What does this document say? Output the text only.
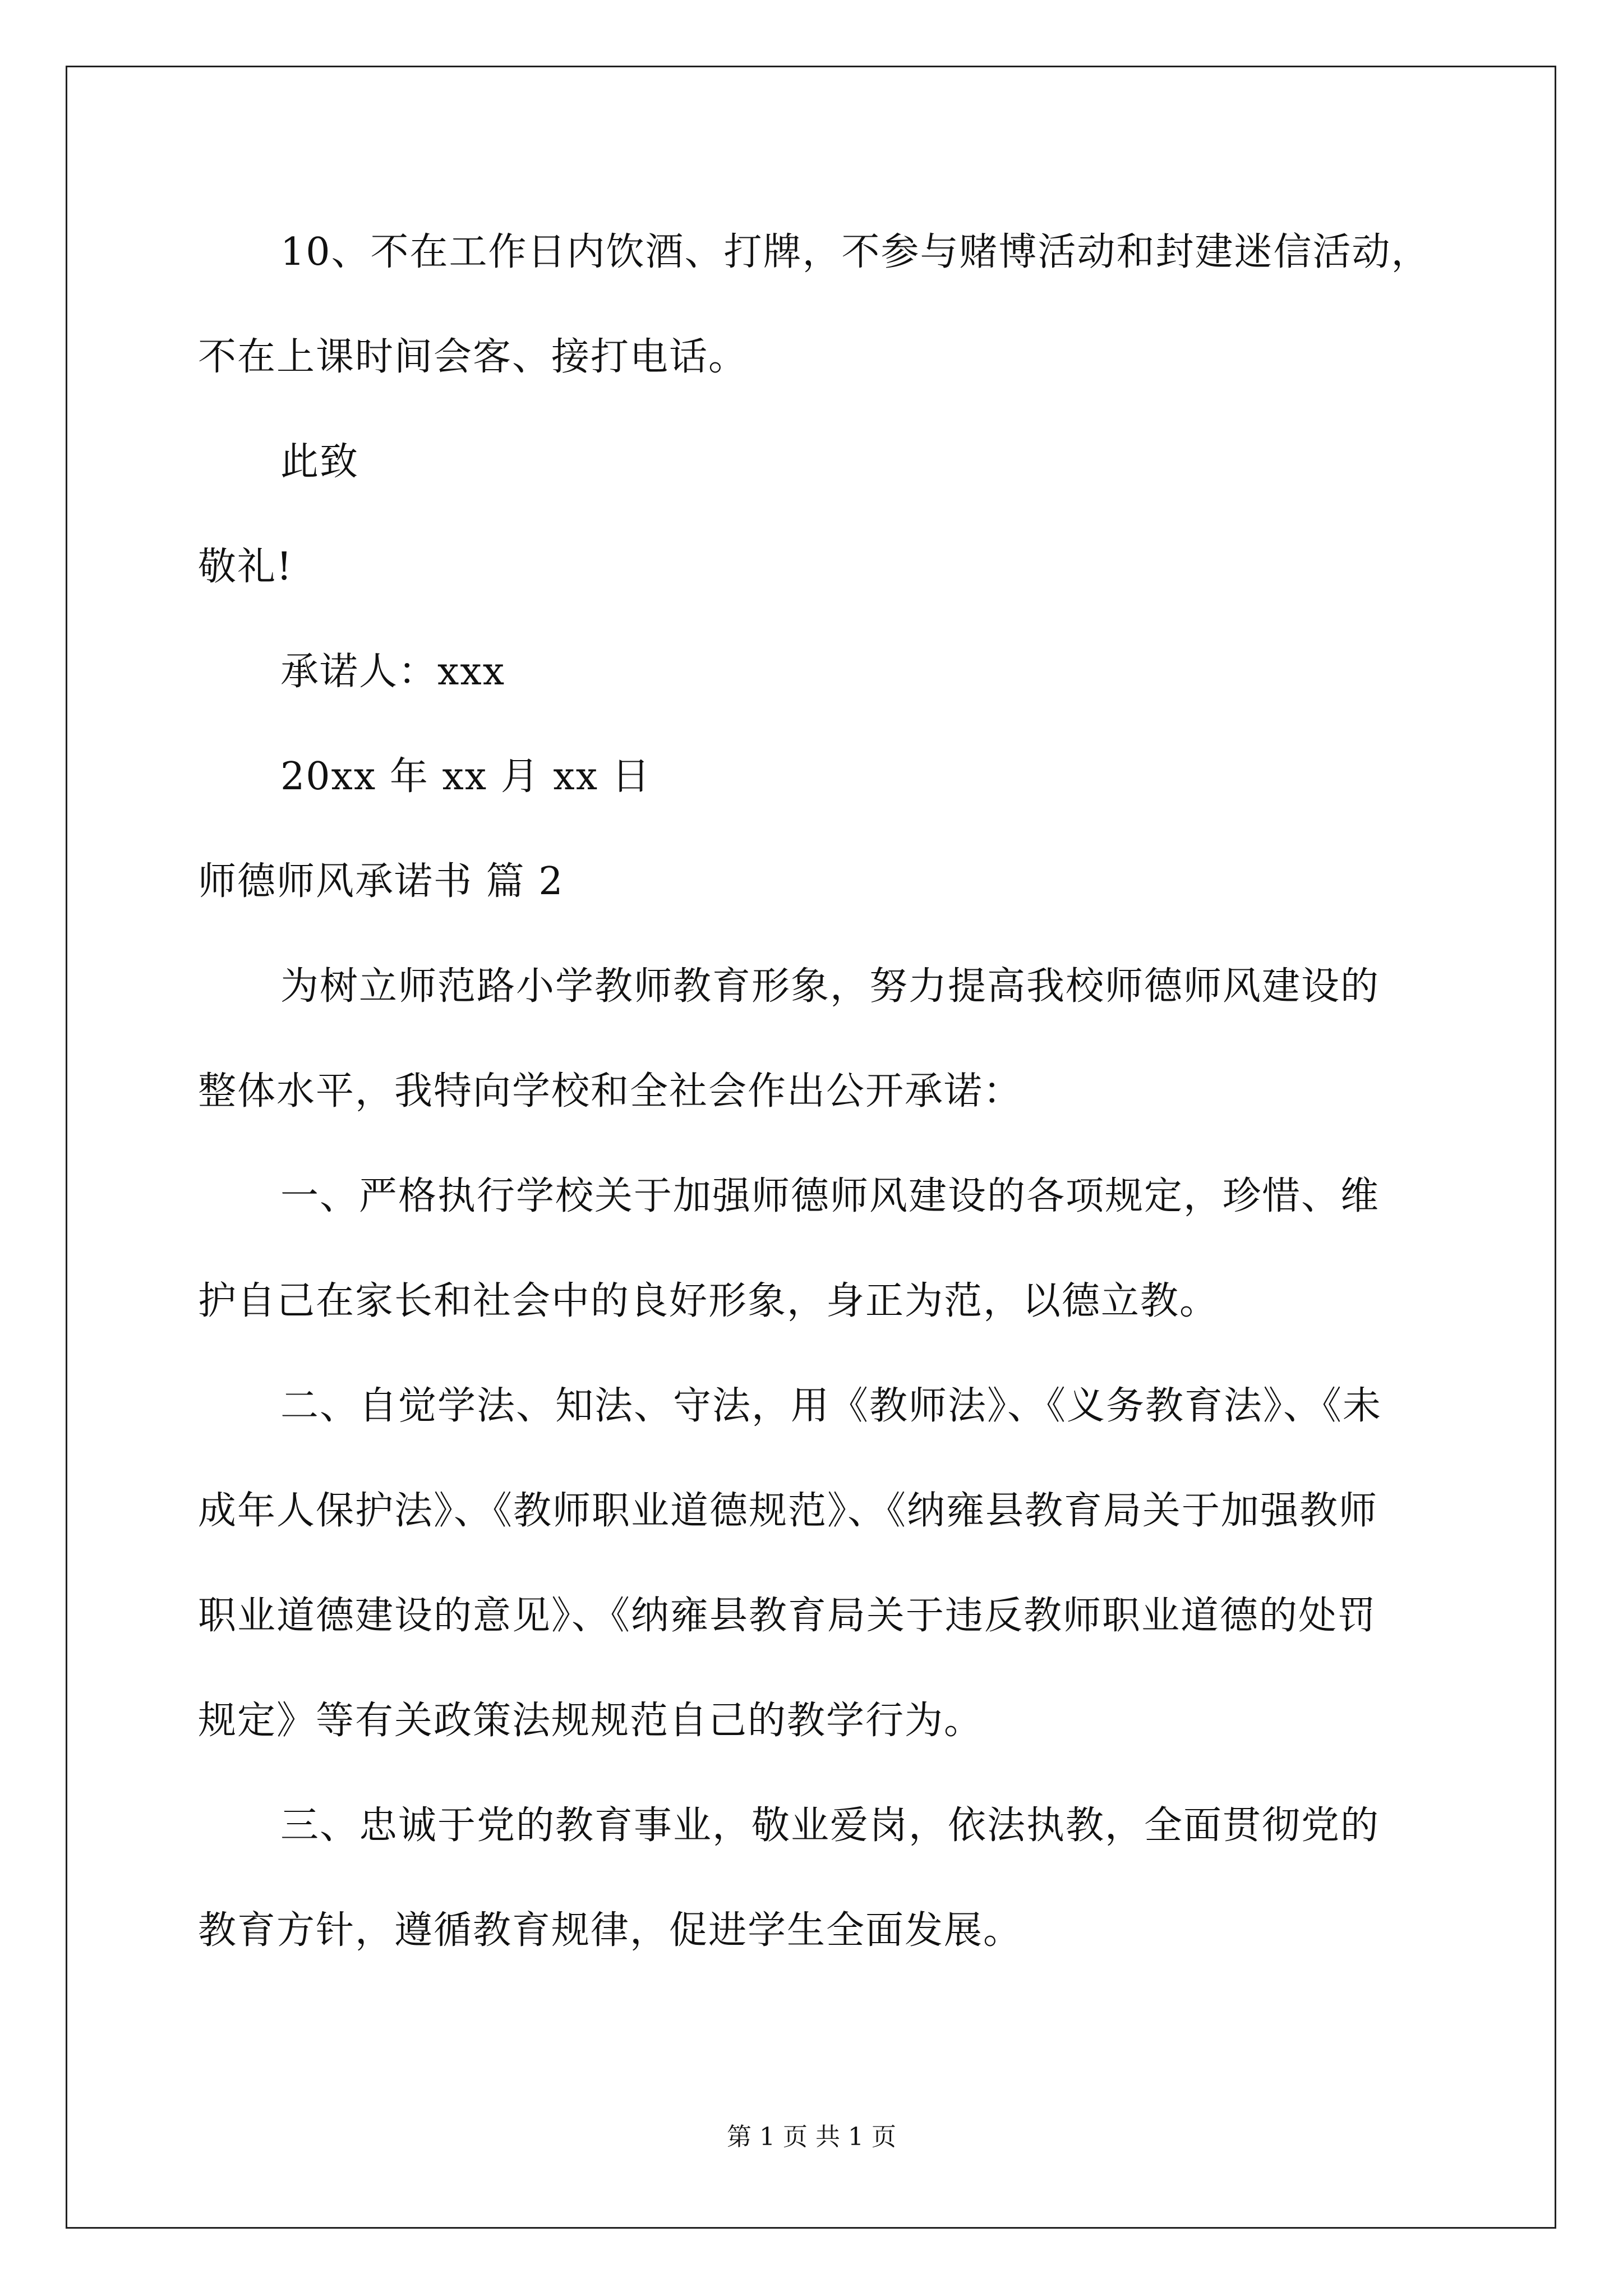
10、不在工作日内饮酒、打牌，不参与赌博活动和封建迷信活动，
不在上课时间会客、接打电话。
此致
敬礼!
承诺人：xxx
20xx 年 xx 月 xx 日
师德师风承诺书 篇 2
为树立师范路小学教师教育形象，努力提高我校师德师风建设的
整体水平，我特向学校和全社会作出公开承诺：
一、严格执行学校关于加强师德师风建设的各项规定，珍惜、维
护自己在家长和社会中的良好形象，身正为范，以德立教。
二、自觉学法、知法、守法，用《教师法》、《义务教育法》、《未
成年人保护法》、《教师职业道德规范》、《纳雍县教育局关于加强教师
职业道德建设的意见》、《纳雍县教育局关于违反教师职业道德的处罚
规定》等有关政策法规规范自己的教学行为。
三、忠诚于党的教育事业，敬业爱岗，依法执教，全面贯彻党的
教育方针，遵循教育规律，促进学生全面发展。
第 1 页 共 1 页
